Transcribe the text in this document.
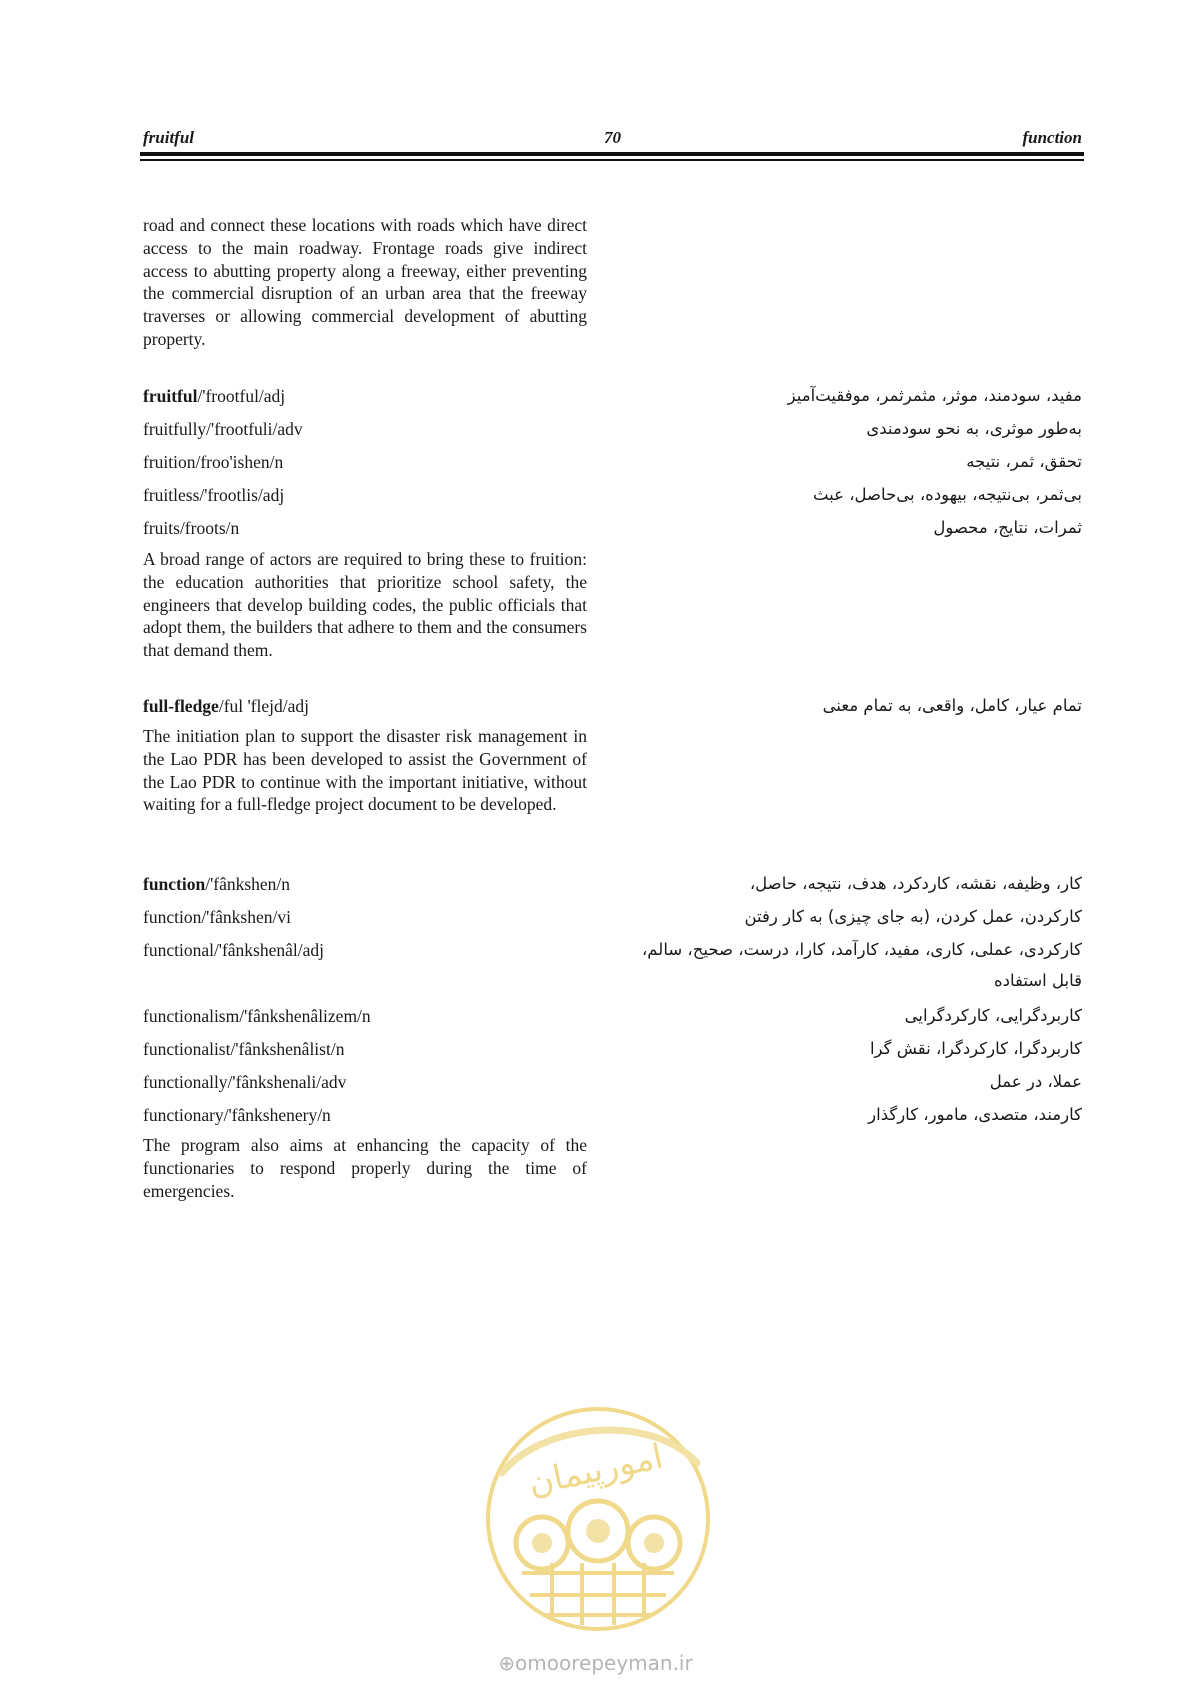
fruitful	70	function

road and connect these locations with roads which have direct access to the main roadway. Frontage roads give indirect access to abutting property along a freeway, either preventing the commercial disruption of an urban area that the freeway traverses or allowing commercial development of abutting property.

fruitful/'frootful/adj	مفید، سودمند، موثر، مثمرثمر، موفقیت‌آمیز
fruitfully/'frootfuli/adv	به‌طور موثری، به نحو سودمندی
fruition/froo'ishen/n	تحقق، ثمر، نتیجه
fruitless/'frootlis/adj	بی‌ثمر، بی‌نتیجه، بیهوده، بی‌حاصل، عبث
fruits/froots/n	ثمرات، نتایج، محصول

A broad range of actors are required to bring these to fruition: the education authorities that prioritize school safety, the engineers that develop building codes, the public officials that adopt them, the builders that adhere to them and the consumers that demand them.

full-fledge/ful 'flejd/adj	تمام عیار، کامل، واقعی، به تمام معنی

The initiation plan to support the disaster risk management in the Lao PDR has been developed to assist the Government of the Lao PDR to continue with the important initiative, without waiting for a full-fledge project document to be developed.

function/'fânkshen/n	کار، وظیفه، نقشه، کاردکرد، هدف، نتیجه، حاصل،
function/'fânkshen/vi	کارکردن، عمل کردن، (به جای چیزی) به کار رفتن
functional/'fânkshenâl/adj	کارکردی، عملی، کاری، مفید، کارآمد، کارا، درست، صحیح، سالم، قابل استفاده
functionalism/'fânkshenâlizem/n	کاربردگرایی، کارکردگرایی
functionalist/'fânkshenâlist/n	کاربردگرا، کارکردگرا، نقش گرا
functionally/'fânkshenali/adv	عملا، در عمل
functionary/'fânkshenery/n	کارمند، متصدی، مامور، کارگذار

The program also aims at enhancing the capacity of the functionaries to respond properly during the time of emergencies.

امورپیمان
⊕omoorepeyman.ir
